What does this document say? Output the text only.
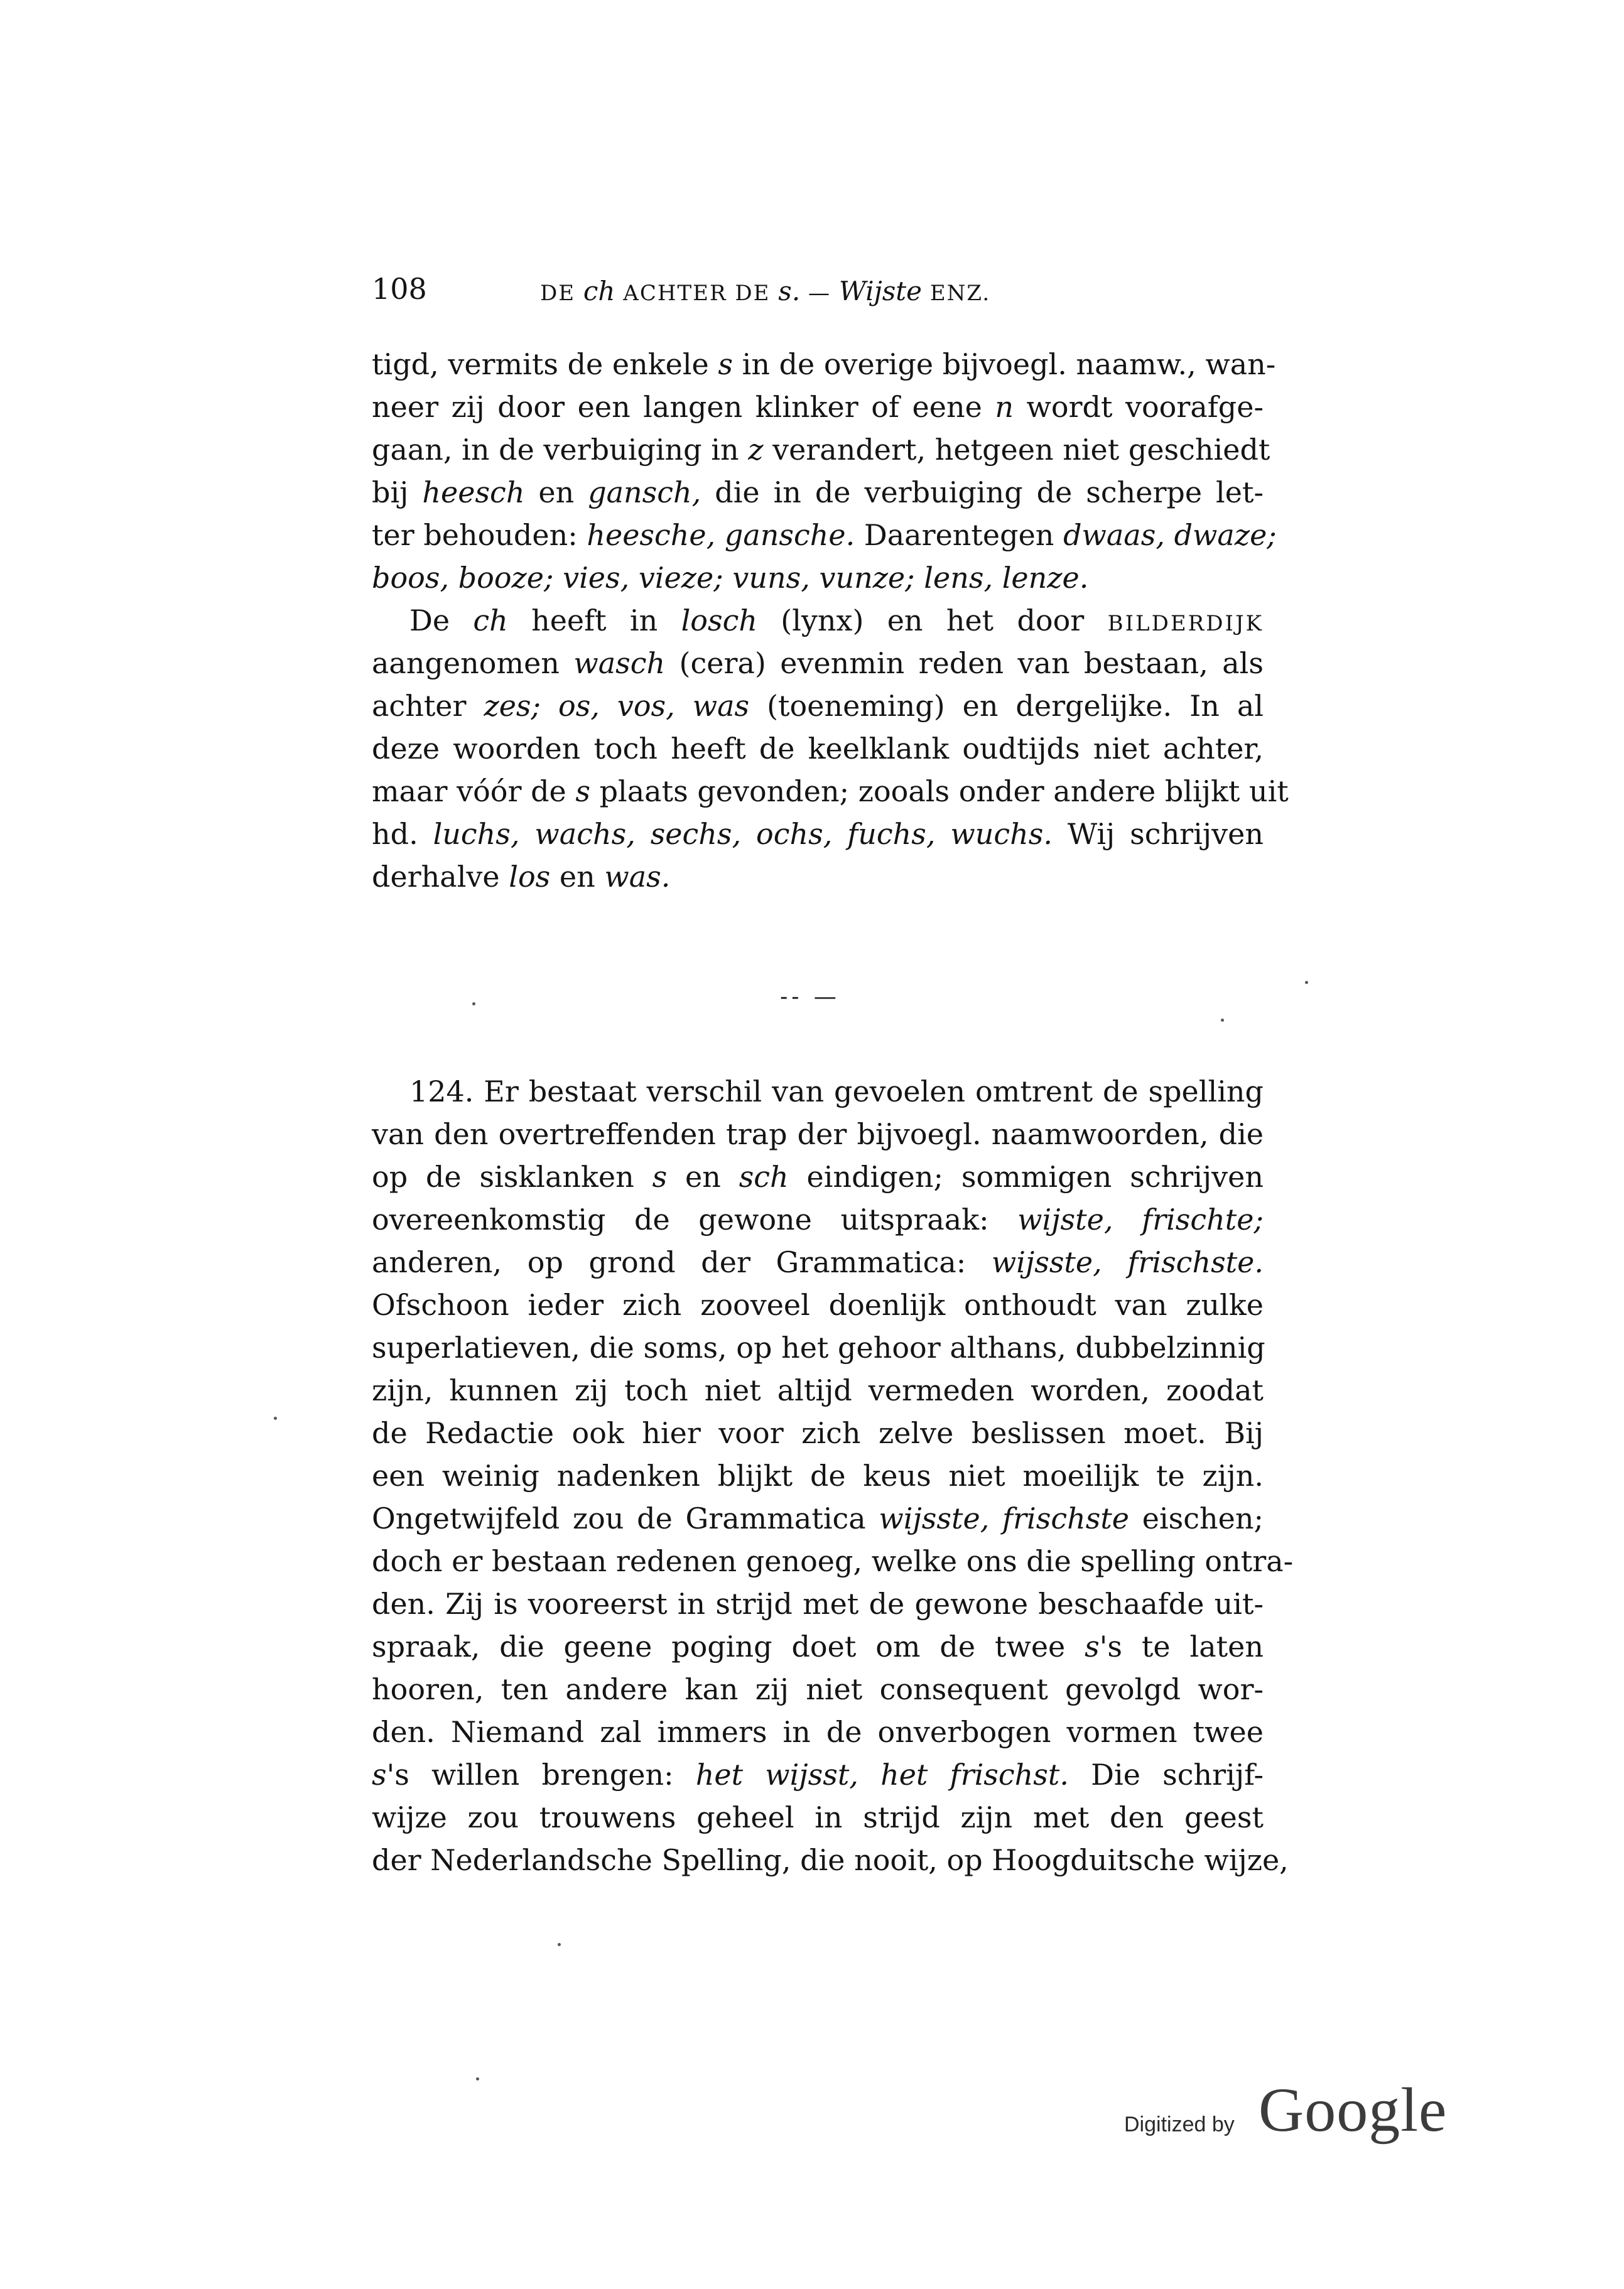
108	DE ch ACHTER DE s. — Wijste ENZ.
tigd, vermits de enkele s in de overige bijvoegl. naamw., wan-
neer zij door een langen klinker of eene n wordt voorafge-
gaan, in de verbuiging in z verandert, hetgeen niet geschiedt
bij heesch en gansch, die in de verbuiging de scherpe let-
ter behouden: heesche, gansche. Daarentegen dwaas, dwaze;
boos, booze; vies, vieze; vuns, vunze; lens, lenze.
De ch heeft in losch (lynx) en het door BILDERDIJK
aangenomen wasch (cera) evenmin reden van bestaan, als
achter zes; os, vos, was (toeneming) en dergelijke. In al
deze woorden toch heeft de keelklank oudtijds niet achter,
maar vóór de s plaats gevonden; zooals onder andere blijkt uit
hd. luchs, wachs, sechs, ochs, fuchs, wuchs. Wij schrijven
derhalve los en was.
-- —
124. Er bestaat verschil van gevoelen omtrent de spelling
van den overtreffenden trap der bijvoegl. naamwoorden, die
op de sisklanken s en sch eindigen; sommigen schrijven
overeenkomstig de gewone uitspraak: wijste, frischte;
anderen, op grond der Grammatica: wijsste, frischste.
Ofschoon ieder zich zooveel doenlijk onthoudt van zulke
superlatieven, die soms, op het gehoor althans, dubbelzinnig
zijn, kunnen zij toch niet altijd vermeden worden, zoodat
de Redactie ook hier voor zich zelve beslissen moet. Bij
een weinig nadenken blijkt de keus niet moeilijk te zijn.
Ongetwijfeld zou de Grammatica wijsste, frischste eischen;
doch er bestaan redenen genoeg, welke ons die spelling ontra-
den. Zij is vooreerst in strijd met de gewone beschaafde uit-
spraak, die geene poging doet om de twee s's te laten
hooren, ten andere kan zij niet consequent gevolgd wor-
den. Niemand zal immers in de onverbogen vormen twee
s's willen brengen: het wijsst, het frischst. Die schrijf-
wijze zou trouwens geheel in strijd zijn met den geest
der Nederlandsche Spelling, die nooit, op Hoogduitsche wijze,
Digitized by Google
